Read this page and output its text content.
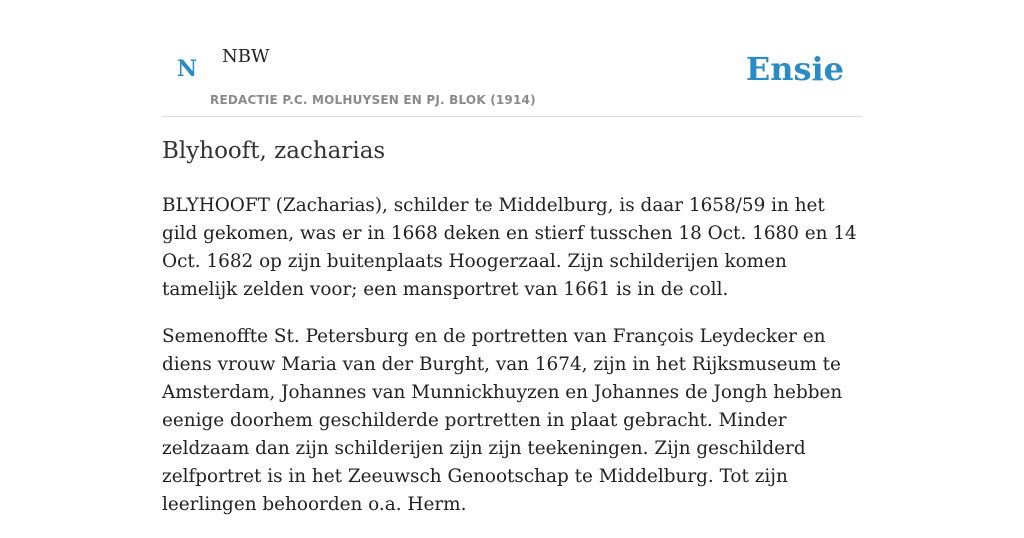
N NBW
REDACTIE P.C. MOLHUYSEN EN PJ. BLOK (1914)
Ensie
Blyhooft, zacharias

BLYHOOFT (Zacharias), schilder te Middelburg, is daar 1658/59 in het gild gekomen, was er in 1668 deken en stierf tusschen 18 Oct. 1680 en 14 Oct. 1682 op zijn buitenplaats Hoogerzaal. Zijn schilderijen komen tamelijk zelden voor; een mansportret van 1661 is in de coll.

Semenoffte St. Petersburg en de portretten van François Leydecker en diens vrouw Maria van der Burght, van 1674, zijn in het Rijksmuseum te Amsterdam, Johannes van Munnickhuyzen en Johannes de Jongh hebben eenige doorhem geschilderde portretten in plaat gebracht. Minder zeldzaam dan zijn schilderijen zijn zijn teekeningen. Zijn geschilderd zelfportret is in het Zeeuwsch Genootschap te Middelburg. Tot zijn leerlingen behoorden o.a. Herm.
